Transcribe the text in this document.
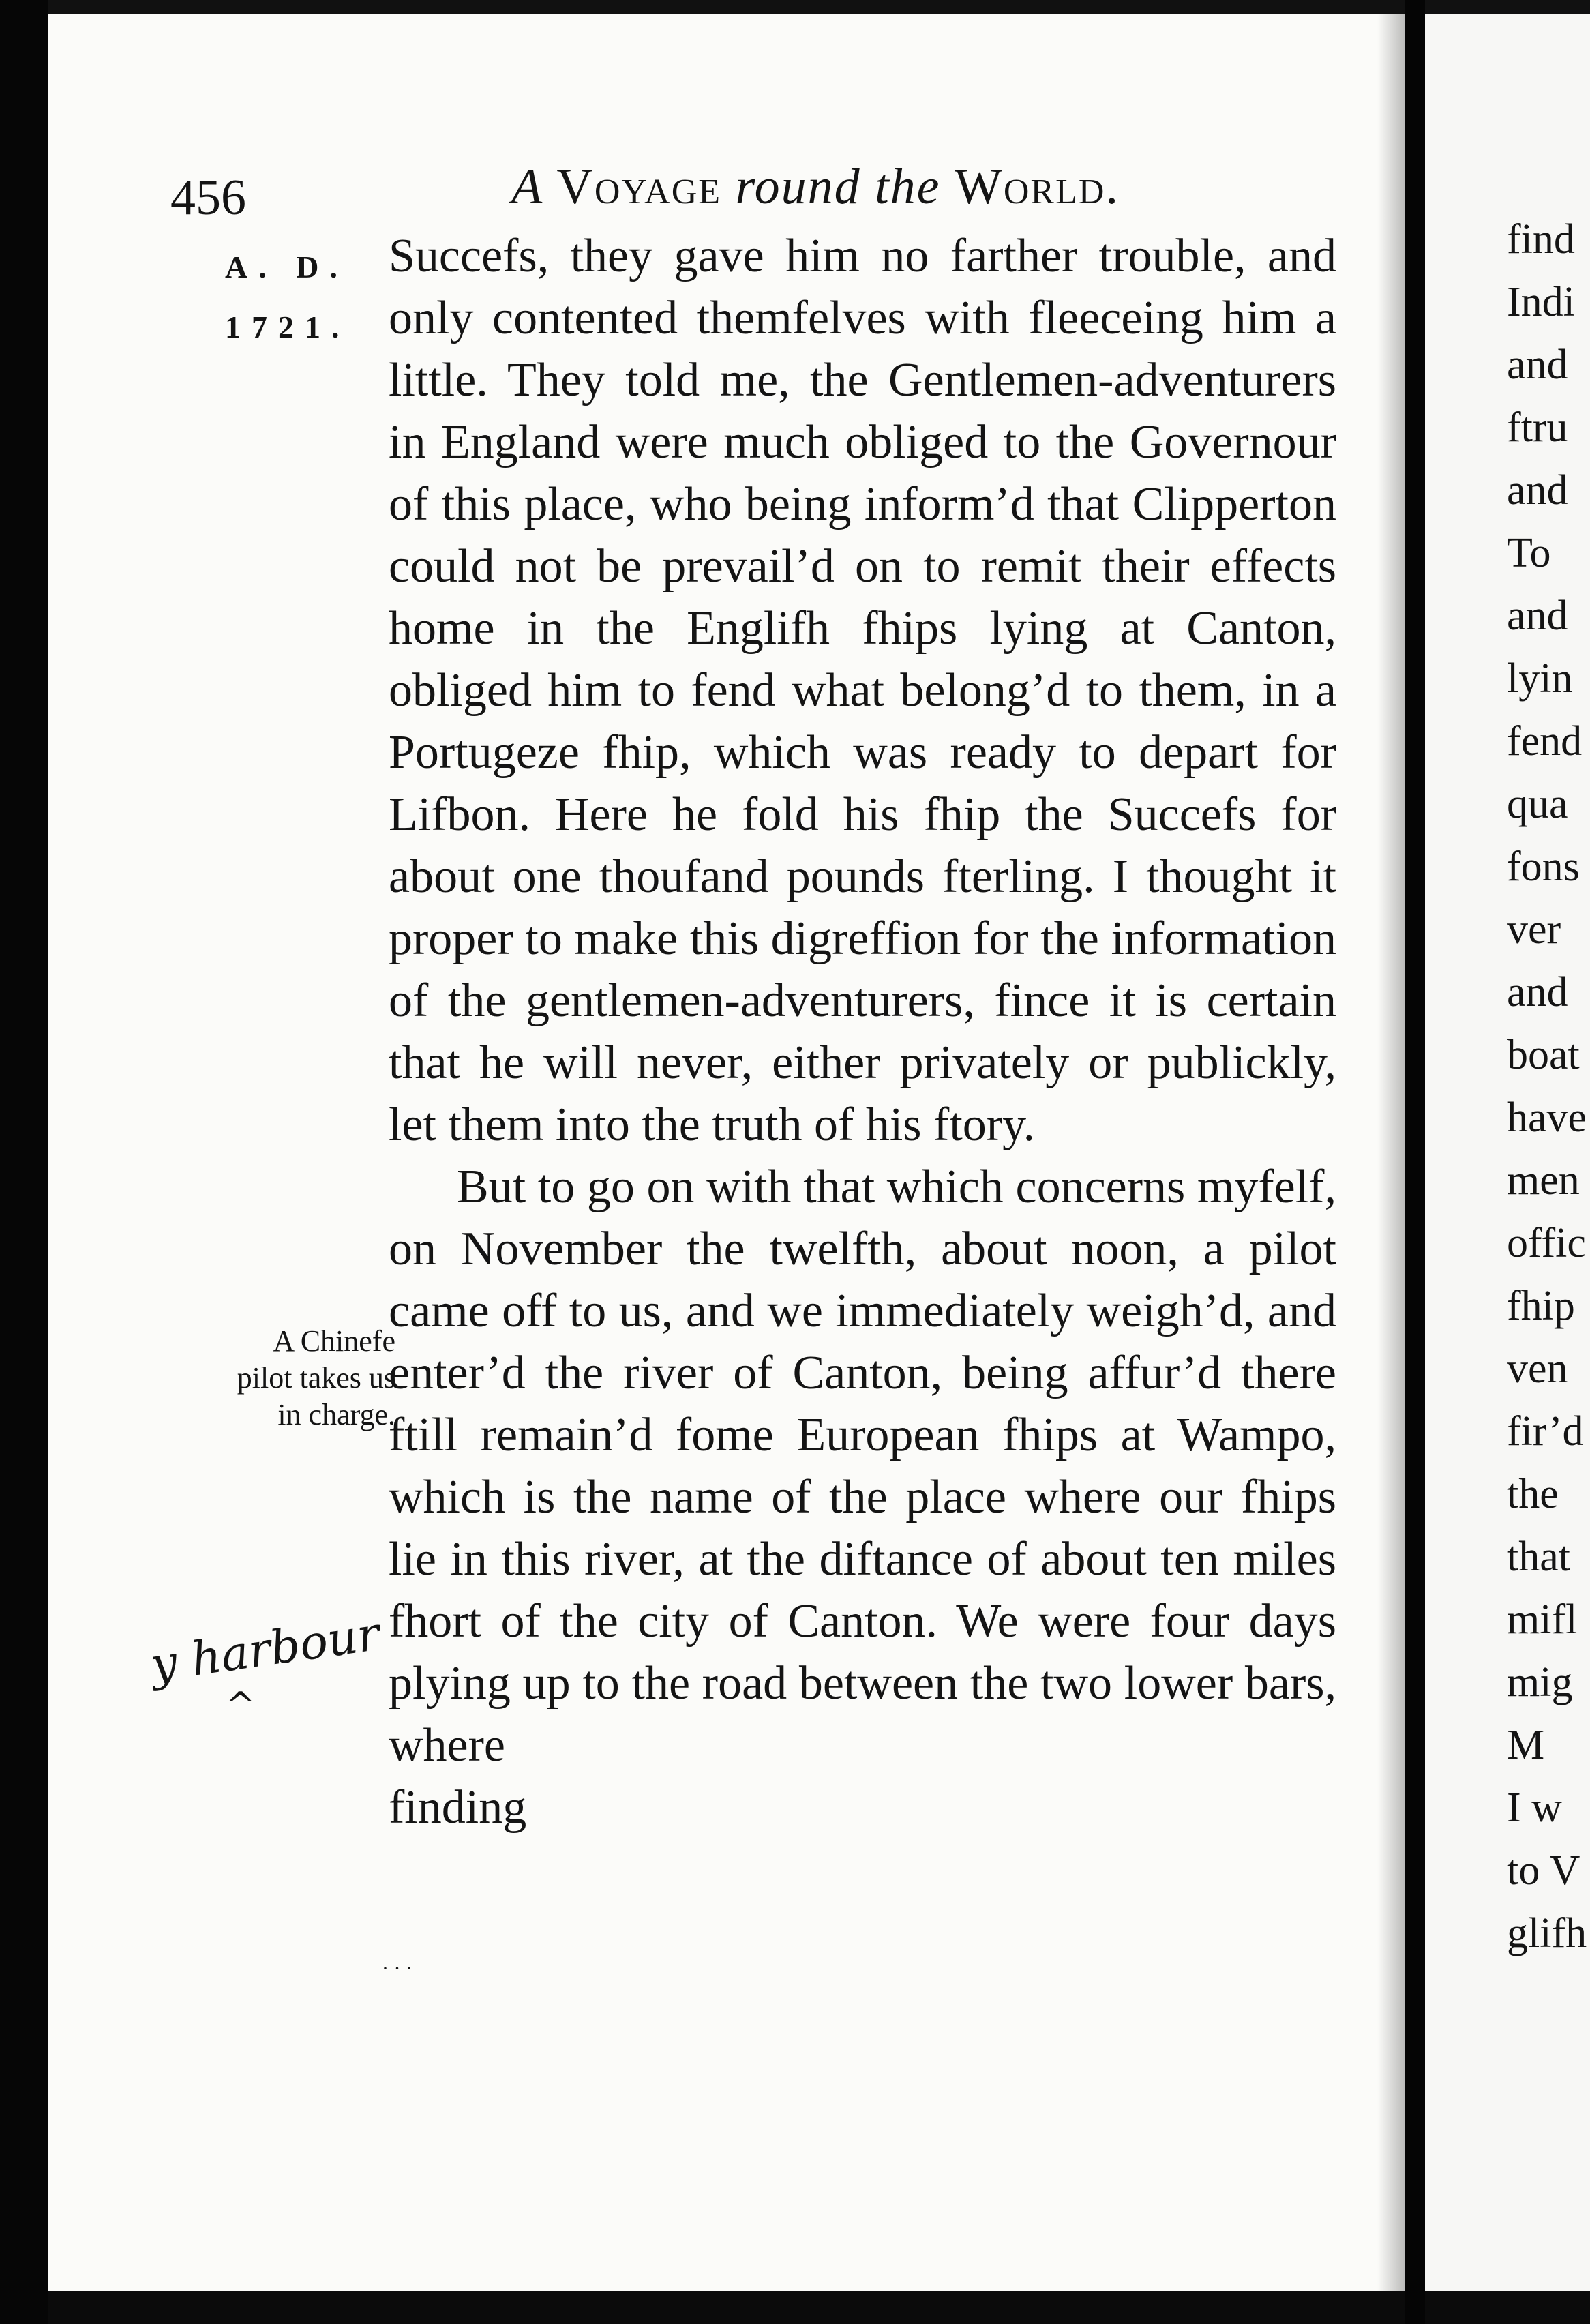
456	A Voyage round the World.
A. D.
1721.

Succefs, they gave him no farther trouble, and only contented themfelves with fleeceing him a little. They told me, the Gentlemen-adventurers in England were much obliged to the Governour of this place, who being inform’d that Clipperton could not be prevail’d on to remit their effects home in the Englifh fhips lying at Canton, obliged him to fend what belong’d to them, in a Portugeze fhip, which was ready to depart for Lifbon. Here he fold his fhip the Succefs for about one thoufand pounds fterling. I thought it proper to make this digreffion for the information of the gentlemen-adventurers, fince it is certain that he will never, either privately or publickly, let them into the truth of his ftory.

But to go on with that which concerns myfelf, on November the twelfth, about noon, a pilot came off to us, and we immediately weigh’d, and enter’d the river of Canton, being affur’d there ftill remain’d fome European fhips at Wampo, which is the name of the place where our fhips lie in this river, at the diftance of about ten miles fhort of the city of Canton. We were four days plying up to the road between the two lower bars, where

finding

A Chinefe
pilot takes us
in charge.
y harbour
^
· · ·
find
Indi
and
ftru
and
To
and
lyin
fend
qua
fons
ver
and
boat
have
men
offic
fhip
ven
fir’d
the
that
mifl
mig
M
I w
to V
glifh
